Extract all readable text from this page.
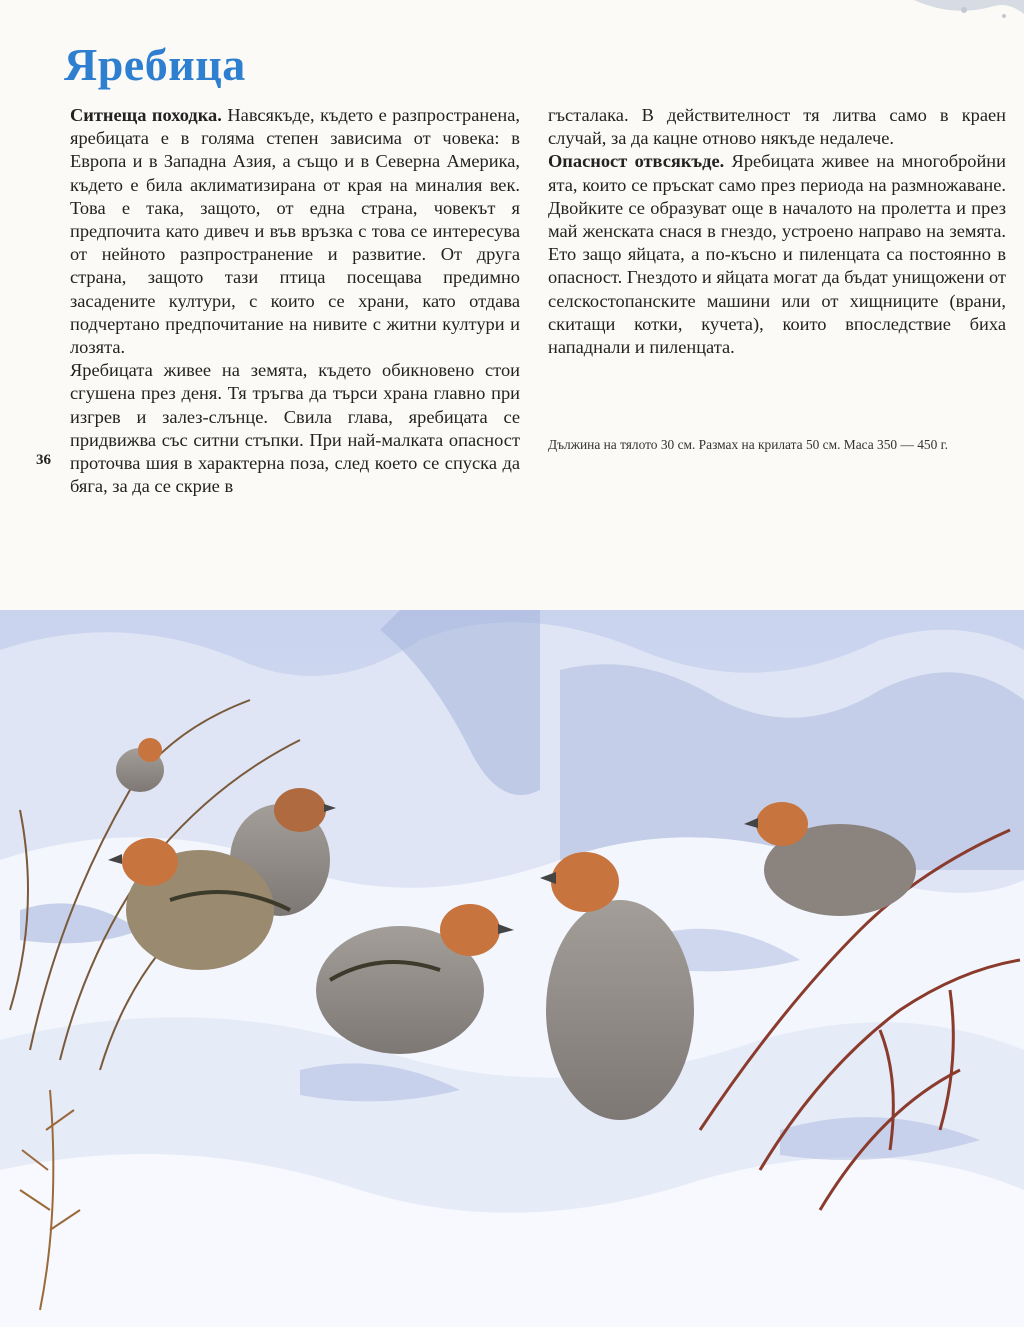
Яребица

Ситнеща походка. Навсякъде, където е разпространена, яребицата е в голяма степен зависима от човека: в Европа и в Западна Азия, а също и в Северна Америка, където е била аклиматизирана от края на миналия век. Това е така, защото, от една страна, човекът я предпочита като дивеч и във връзка с това се интересува от нейното разпространение и развитие. От друга страна, защото тази птица посещава предимно засадените култури, с които се храни, като отдава подчертано предпочитание на нивите с житни култури и лозята.

Яребицата живее на земята, където обикновено стои сгушена през деня. Тя тръгва да търси храна главно при изгрев и залез-слънце. Свила глава, яребицата се придвижва със ситни стъпки. При най-малката опасност проточва шия в характерна поза, след което се спуска да бяга, за да се скрие в

гъсталака. В действителност тя литва само в краен случай, за да кацне отново някъде недалече.

Опасност отвсякъде. Яребицата живее на многобройни ята, които се пръскат само през периода на размножаване. Двойките се образуват още в началото на пролетта и през май женската снася в гнездо, устроено направо на земята. Ето защо яйцата, а по-късно и пиленцата са постоянно в опасност. Гнездото и яйцата могат да бъдат унищожени от селскостопанските машини или от хищниците (врани, скитащи котки, кучета), които впоследствие биха нападнали и пиленцата.

36
Дължина на тялото 30 см. Размах на крилата 50 см. Маса 350 — 450 г.
